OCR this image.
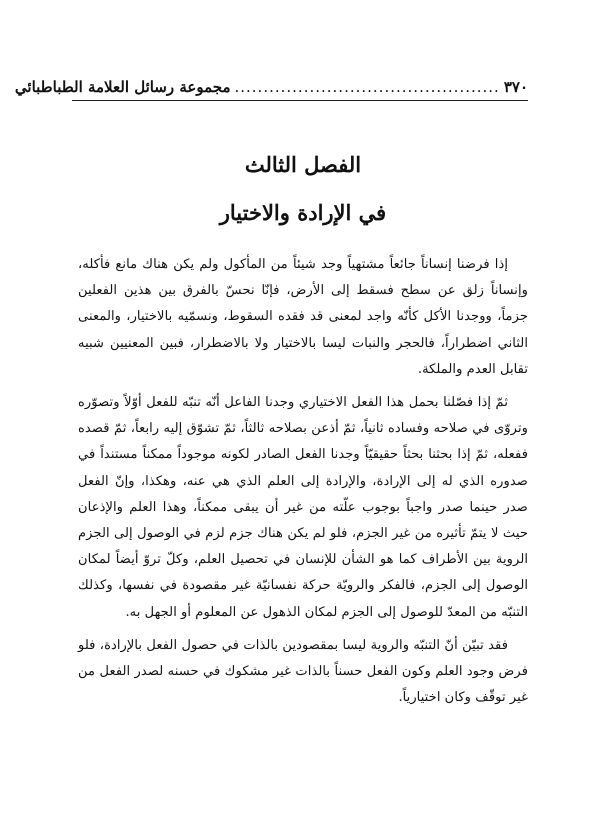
٣٧٠
..............................................
مجموعة رسائل العلامة الطباطبائي
الفصل الثالث
في الإرادة والاختيار

إذا فرضنا إنساناً جائعاً مشتهياً وجد شيئاً من المأكول ولم يكن هناك مانع فأكله، وإنساناً زلق عن سطح فسقط إلى الأرض، فإنّا نحسّ بالفرق بين هذين الفعلين جزماً، ووجدنا الأكل كأنّه واجد لمعنى قد فقده السقوط، ونسمّيه بالاختيار، والمعنى الثاني اضطراراً، فالحجر والنبات ليسا بالاختيار ولا بالاضطرار، فبين المعنيين شبيه تقابل العدم والملكة.

ثمّ إذا فصّلنا بحمل هذا الفعل الاختياري وجدنا الفاعل أنّه تنبّه للفعل أوّلاً وتصوّره وتروّى في صلاحه وفساده ثانياً، ثمّ أذعن بصلاحه ثالثاً، ثمّ تشوّق إليه رابعاً، ثمّ قصده ففعله، ثمّ إذا بحثنا بحثاً حقيقيّاً وجدنا الفعل الصادر لكونه موجوداً ممكناً مستنداً في صدوره الذي له إلى الإرادة، والإرادة إلى العلم الذي هي عنه، وهكذا، وإنّ الفعل صدر حينما صدر واجباً بوجوب علّته من غير أن يبقى ممكناً، وهذا العلم والإذعان حيث لا يتمّ تأثيره من غير الجزم، فلو لم يكن هناك جزم لزم في الوصول إلى الجزم الروية بين الأطراف كما هو الشأن للإنسان في تحصيل العلم، وكلّ تروّ أيضاً لمكان الوصول إلى الجزم، فالفكر والرويّة حركة نفسانيّة غير مقصودة في نفسها، وكذلك التنبّه من المعدّ للوصول إلى الجزم لمكان الذهول عن المعلوم أو الجهل به.

فقد تبيّن أنّ التنبّه والروية ليسا بمقصودين بالذات في حصول الفعل بالإرادة، فلو فرض وجود العلم وكون الفعل حسناً بالذات غير مشكوك في حسنه لصدر الفعل من غير توقّف وكان اختيارياً.
